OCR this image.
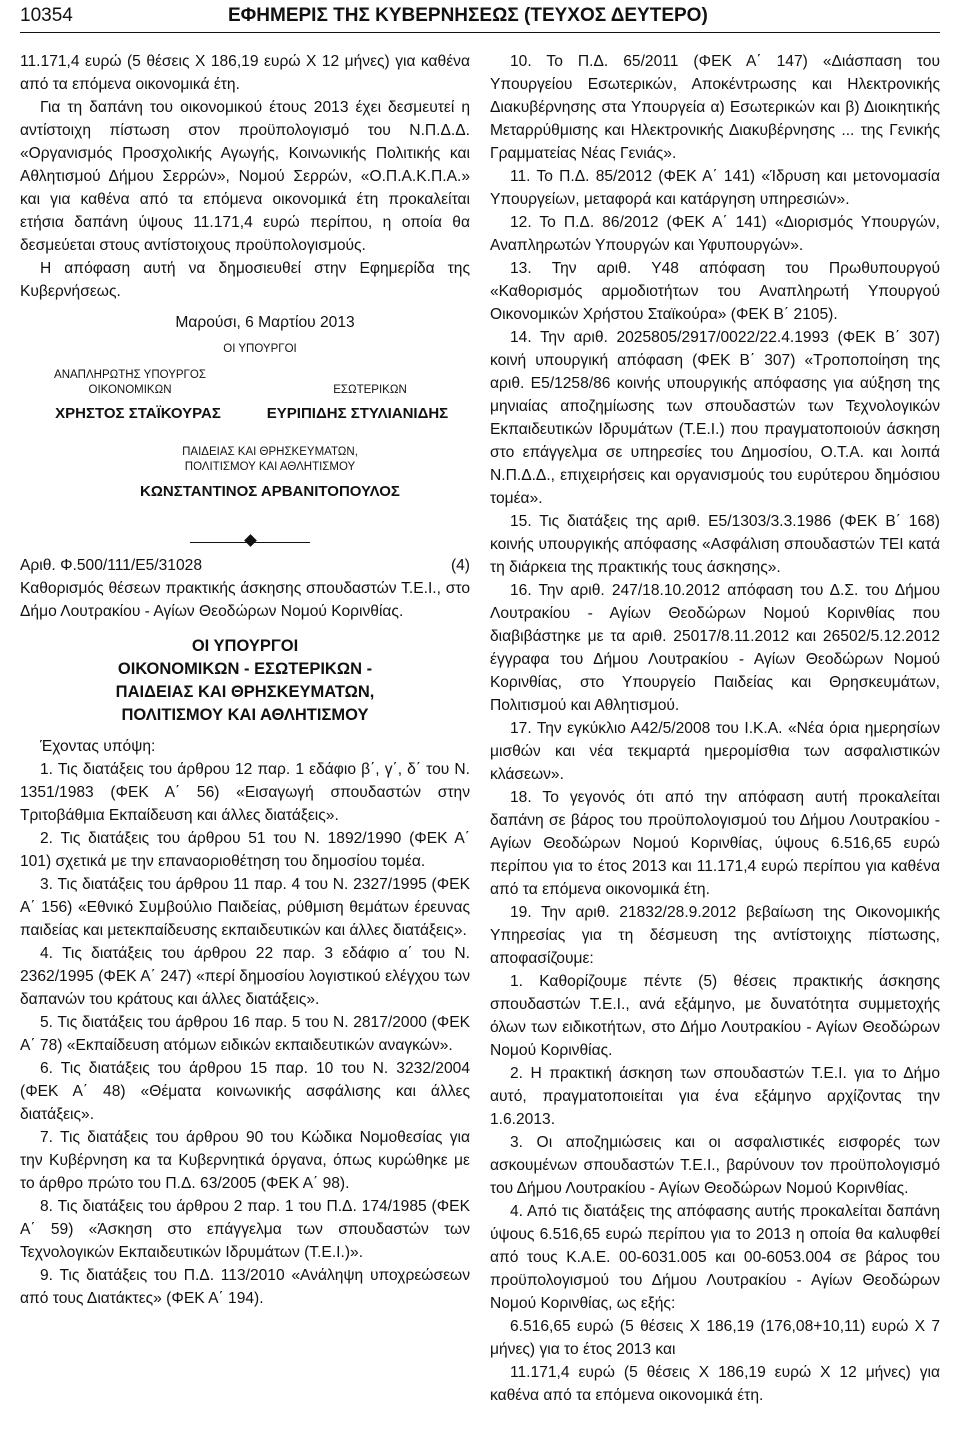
10354	ΕΦΗΜΕΡΙΣ ΤΗΣ ΚΥΒΕΡΝΗΣΕΩΣ (ΤΕΥΧΟΣ ΔΕΥΤΕΡΟ)

11.171,4 ευρώ (5 θέσεις Χ 186,19 ευρώ Χ 12 μήνες) για καθένα από τα επόμενα οικονομικά έτη.

Για τη δαπάνη του οικονομικού έτους 2013 έχει δεσμευτεί η αντίστοιχη πίστωση στον προϋπολογισμό του Ν.Π.Δ.Δ. «Οργανισμός Προσχολικής Αγωγής, Κοινωνικής Πολιτικής και Αθλητισμού Δήμου Σερρών», Νομού Σερρών, «Ο.Π.Α.Κ.Π.Α.» και για καθένα από τα επόμενα οικονομικά έτη προκαλείται ετήσια δαπάνη ύψους 11.171,4 ευρώ περίπου, η οποία θα δεσμεύεται στους αντίστοιχους προϋπολογισμούς.

Η απόφαση αυτή να δημοσιευθεί στην Εφημερίδα της Κυβερνήσεως.

Μαρούσι, 6 Μαρτίου 2013

ΟΙ ΥΠΟΥΡΓΟΙ
ΑΝΑΠΛΗΡΩΤΗΣ ΥΠΟΥΡΓΟΣ
ΟΙΚΟΝΟΜΙΚΩΝ	ΕΣΩΤΕΡΙΚΩΝ
ΧΡΗΣΤΟΣ ΣΤΑΪΚΟΥΡΑΣ	ΕΥΡΙΠΙΔΗΣ ΣΤΥΛΙΑΝΙΔΗΣ
ΠΑΙΔΕΙΑΣ ΚΑΙ ΘΡΗΣΚΕΥΜΑΤΩΝ,
ΠΟΛΙΤΙΣΜΟΥ ΚΑΙ ΑΘΛΗΤΙΣΜΟΥ
ΚΩΝΣΤΑΝΤΙΝΟΣ ΑΡΒΑΝΙΤΟΠΟΥΛΟΣ
Αριθ. Φ.500/111/Ε5/31028	(4)

Καθορισμός θέσεων πρακτικής άσκησης σπουδαστών Τ.Ε.Ι., στο Δήμο Λουτρακίου - Αγίων Θεοδώρων Νομού Κορινθίας.

ΟΙ ΥΠΟΥΡΓΟΙ

ΟΙΚΟΝΟΜΙΚΩΝ - ΕΣΩΤΕΡΙΚΩΝ -

ΠΑΙΔΕΙΑΣ ΚΑΙ ΘΡΗΣΚΕΥΜΑΤΩΝ,

ΠΟΛΙΤΙΣΜΟΥ ΚΑΙ ΑΘΛΗΤΙΣΜΟΥ

Έχοντας υπόψη:

1. Τις διατάξεις του άρθρου 12 παρ. 1 εδάφιο β΄, γ΄, δ΄ του Ν. 1351/1983 (ΦΕΚ Α΄ 56) «Εισαγωγή σπουδαστών στην Τριτοβάθμια Εκπαίδευση και άλλες διατάξεις».

2. Τις διατάξεις του άρθρου 51 του Ν. 1892/1990 (ΦΕΚ Α΄ 101) σχετικά με την επαναοριοθέτηση του δημοσίου τομέα.

3. Τις διατάξεις του άρθρου 11 παρ. 4 του Ν. 2327/1995 (ΦΕΚ Α΄ 156) «Εθνικό Συμβούλιο Παιδείας, ρύθμιση θεμάτων έρευνας παιδείας και μετεκπαίδευσης εκπαιδευτικών και άλλες διατάξεις».

4. Τις διατάξεις του άρθρου 22 παρ. 3 εδάφιο α΄ του Ν. 2362/1995 (ΦΕΚ Α΄ 247) «περί δημοσίου λογιστικού ελέγχου των δαπανών του κράτους και άλλες διατάξεις».

5. Τις διατάξεις του άρθρου 16 παρ. 5 του Ν. 2817/2000 (ΦΕΚ Α΄ 78) «Εκπαίδευση ατόμων ειδικών εκπαιδευτικών αναγκών».

6. Τις διατάξεις του άρθρου 15 παρ. 10 του Ν. 3232/2004 (ΦΕΚ Α΄ 48) «Θέματα κοινωνικής ασφάλισης και άλλες διατάξεις».

7. Τις διατάξεις του άρθρου 90 του Κώδικα Νομοθεσίας για την Κυβέρνηση κα τα Κυβερνητικά όργανα, όπως κυρώθηκε με το άρθρο πρώτο του Π.Δ. 63/2005 (ΦΕΚ Α΄ 98).

8. Τις διατάξεις του άρθρου 2 παρ. 1 του Π.Δ. 174/1985 (ΦΕΚ Α΄ 59) «Άσκηση στο επάγγελμα των σπουδαστών των Τεχνολογικών Εκπαιδευτικών Ιδρυμάτων (Τ.Ε.Ι.)».

9. Τις διατάξεις του Π.Δ. 113/2010 «Ανάληψη υποχρεώσεων από τους Διατάκτες» (ΦΕΚ Α΄ 194).

10. Το Π.Δ. 65/2011 (ΦΕΚ Α΄ 147) «Διάσπαση του Υπουργείου Εσωτερικών, Αποκέντρωσης και Ηλεκτρονικής Διακυβέρνησης στα Υπουργεία α) Εσωτερικών και β) Διοικητικής Μεταρρύθμισης και Ηλεκτρονικής Διακυβέρνησης ... της Γενικής Γραμματείας Νέας Γενιάς».

11. Το Π.Δ. 85/2012 (ΦΕΚ Α΄ 141) «Ίδρυση και μετονομασία Υπουργείων, μεταφορά και κατάργηση υπηρεσιών».

12. Το Π.Δ. 86/2012 (ΦΕΚ Α΄ 141) «Διορισμός Υπουργών, Αναπληρωτών Υπουργών και Υφυπουργών».

13. Την αριθ. Υ48 απόφαση του Πρωθυπουργού «Καθορισμός αρμοδιοτήτων του Αναπληρωτή Υπουργού Οικονομικών Χρήστου Σταϊκούρα» (ΦΕΚ Β΄ 2105).

14. Την αριθ. 2025805/2917/0022/22.4.1993 (ΦΕΚ Β΄ 307) κοινή υπουργική απόφαση (ΦΕΚ Β΄ 307) «Τροποποίηση της αριθ. Ε5/1258/86 κοινής υπουργικής απόφασης για αύξηση της μηνιαίας αποζημίωσης των σπουδαστών των Τεχνολογικών Εκπαιδευτικών Ιδρυμάτων (Τ.Ε.Ι.) που πραγματοποιούν άσκηση στο επάγγελμα σε υπηρεσίες του Δημοσίου, Ο.Τ.Α. και λοιπά Ν.Π.Δ.Δ., επιχειρήσεις και οργανισμούς του ευρύτερου δημόσιου τομέα».

15. Τις διατάξεις της αριθ. Ε5/1303/3.3.1986 (ΦΕΚ Β΄ 168) κοινής υπουργικής απόφασης «Ασφάλιση σπουδαστών ΤΕΙ κατά τη διάρκεια της πρακτικής τους άσκησης».

16. Την αριθ. 247/18.10.2012 απόφαση του Δ.Σ. του Δήμου Λουτρακίου - Αγίων Θεοδώρων Νομού Κορινθίας που διαβιβάστηκε με τα αριθ. 25017/8.11.2012 και 26502/5.12.2012 έγγραφα του Δήμου Λουτρακίου - Αγίων Θεοδώρων Νομού Κορινθίας, στο Υπουργείο Παιδείας και Θρησκευμάτων, Πολιτισμού και Αθλητισμού.

17. Την εγκύκλιο Α42/5/2008 του Ι.Κ.Α. «Νέα όρια ημερησίων μισθών και νέα τεκμαρτά ημερομίσθια των ασφαλιστικών κλάσεων».

18. Το γεγονός ότι από την απόφαση αυτή προκαλείται δαπάνη σε βάρος του προϋπολογισμού του Δήμου Λουτρακίου - Αγίων Θεοδώρων Νομού Κορινθίας, ύψους 6.516,65 ευρώ περίπου για το έτος 2013 και 11.171,4 ευρώ περίπου για καθένα από τα επόμενα οικονομικά έτη.

19. Την αριθ. 21832/28.9.2012 βεβαίωση της Οικονομικής Υπηρεσίας για τη δέσμευση της αντίστοιχης πίστωσης, αποφασίζουμε:

1. Καθορίζουμε πέντε (5) θέσεις πρακτικής άσκησης σπουδαστών Τ.Ε.Ι., ανά εξάμηνο, με δυνατότητα συμμετοχής όλων των ειδικοτήτων, στο Δήμο Λουτρακίου - Αγίων Θεοδώρων Νομού Κορινθίας.

2. Η πρακτική άσκηση των σπουδαστών Τ.Ε.Ι. για το Δήμο αυτό, πραγματοποιείται για ένα εξάμηνο αρχίζοντας την 1.6.2013.

3. Οι αποζημιώσεις και οι ασφαλιστικές εισφορές των ασκουμένων σπουδαστών Τ.Ε.Ι., βαρύνουν τον προϋπολογισμό του Δήμου Λουτρακίου - Αγίων Θεοδώρων Νομού Κορινθίας.

4. Από τις διατάξεις της απόφασης αυτής προκαλείται δαπάνη ύψους 6.516,65 ευρώ περίπου για το 2013 η οποία θα καλυφθεί από τους Κ.Α.Ε. 00-6031.005 και 00-6053.004 σε βάρος του προϋπολογισμού του Δήμου Λουτρακίου - Αγίων Θεοδώρων Νομού Κορινθίας, ως εξής:

6.516,65 ευρώ (5 θέσεις Χ 186,19 (176,08+10,11) ευρώ Χ 7 μήνες) για το έτος 2013 και

11.171,4 ευρώ (5 θέσεις Χ 186,19 ευρώ Χ 12 μήνες) για καθένα από τα επόμενα οικονομικά έτη.
